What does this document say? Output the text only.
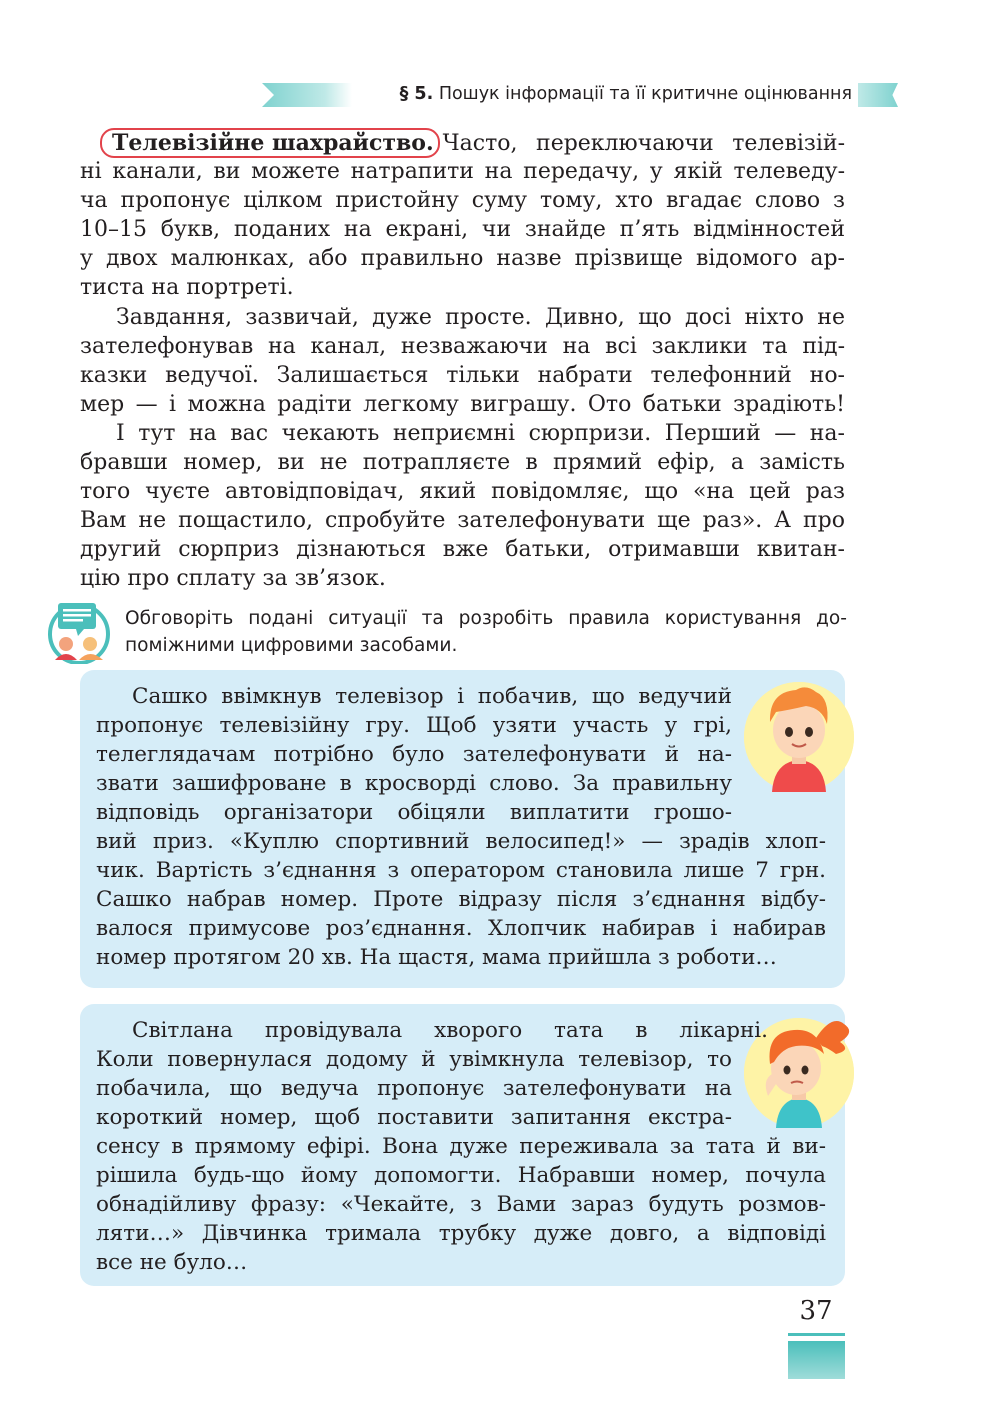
§ 5. Пошук інформації та її критичне оцінювання
Телевізійне шахрайство. Часто, переключаючи телевізій-
ні канали, ви можете натрапити на передачу, у якій телеведу-
ча пропонує цілком пристойну суму тому, хто вгадає слово з
10–15 букв, поданих на екрані, чи знайде п’ять відмінностей
у двох малюнках, або правильно назве прізвище відомого ар-
тиста на портреті.
Завдання, зазвичай, дуже просте. Дивно, що досі ніхто не
зателефонував на канал, незважаючи на всі заклики та під-
казки ведучої. Залишається тільки набрати телефонний но-
мер — і можна радіти легкому виграшу. Ото батьки зрадіють!
І тут на вас чекають неприємні сюрпризи. Перший — на-
бравши номер, ви не потрапляєте в прямий ефір, а замість
того чуєте автовідповідач, який повідомляє, що «на цей раз
Вам не пощастило, спробуйте зателефонувати ще раз». А про
другий сюрприз дізнаються вже батьки, отримавши квитан-
цію про сплату за зв’язок.
Обговоріть подані ситуації та розробіть правила користування до-
поміжними цифровими засобами.
Сашко ввімкнув телевізор і побачив, що ведучий
пропонує телевізійну гру. Щоб узяти участь у грі,
телеглядачам потрібно було зателефонувати й на-
звати зашифроване в кросворді слово. За правильну
відповідь організатори обіцяли виплатити грошо-
вий приз. «Куплю спортивний велосипед!» — зрадів хлоп-
чик. Вартість з’єднання з оператором становила лише 7 грн.
Сашко набрав номер. Проте відразу після з’єднання відбу-
валося примусове роз’єднання. Хлопчик набирав і набирав
номер протягом 20 хв. На щастя, мама прийшла з роботи…
Світлана провідувала хворого тата в лікарні.
Коли повернулася додому й увімкнула телевізор, то
побачила, що ведуча пропонує зателефонувати на
короткий номер, щоб поставити запитання екстра-
сенсу в прямому ефірі. Вона дуже переживала за тата й ви-
рішила будь-що йому допомогти. Набравши номер, почула
обнадійливу фразу: «Чекайте, з Вами зараз будуть розмов-
ляти…» Дівчинка тримала трубку дуже довго, а відповіді
все не було…
37
